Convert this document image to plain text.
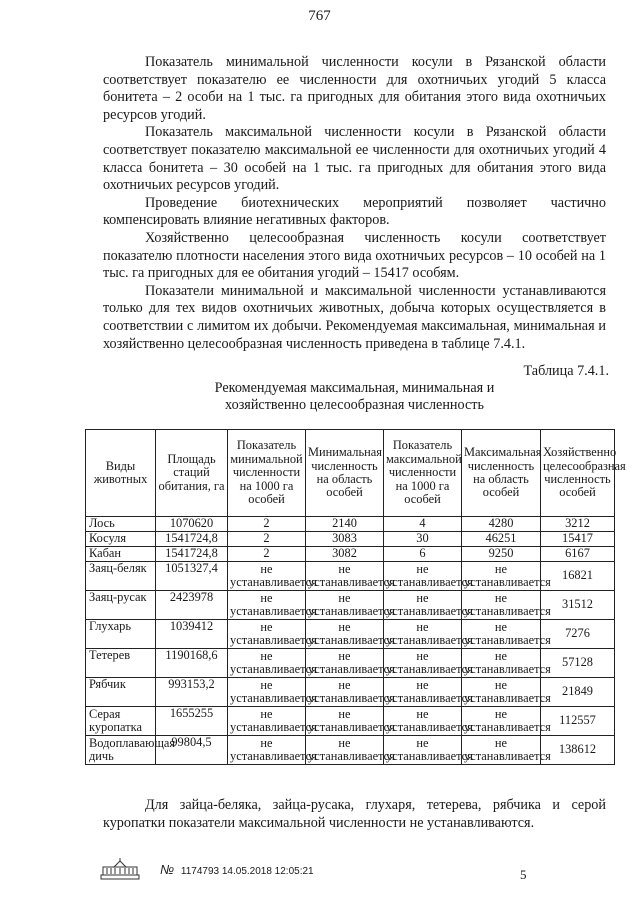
767

Показатель минимальной численности косули в Рязанской области соответствует показателю ее численности для охотничьих угодий 5 класса бонитета – 2 особи на 1 тыс. га пригодных для обитания этого вида охотничьих ресурсов угодий.

Показатель максимальной численности косули в Рязанской области соответствует показателю максимальной ее численности для охотничьих угодий 4 класса бонитета – 30 особей на 1 тыс. га пригодных для обитания этого вида охотничьих ресурсов угодий.

Проведение биотехнических мероприятий позволяет частично компенсировать влияние негативных факторов.

Хозяйственно целесообразная численность косули соответствует показателю плотности населения этого вида охотничьих ресурсов – 10 особей на 1 тыс. га пригодных для ее обитания угодий – 15417 особям.

Показатели минимальной и максимальной численности устанавливаются только для тех видов охотничьих животных, добыча которых осуществляется в соответствии с лимитом их добычи. Рекомендуемая максимальная, минимальная и хозяйственно целесообразная численность приведена в таблице 7.4.1.

Таблица 7.4.1.
Рекомендуемая максимальная, минимальная и
хозяйственно целесообразная численность
Виды животных	Площадь стаций обитания, га	Показатель минимальной численности на 1000 га особей	Минимальная численность на область особей	Показатель максимальной численности на 1000 га особей	Максимальная численность на область особей	Хозяйственно целесообразная численность особей
Лось	1070620	2	2140	4	4280	3212
Косуля	1541724,8	2	3083	30	46251	15417
Кабан	1541724,8	2	3082	6	9250	6167
Заяц-беляк	1051327,4	не устанавливается	не устанавливается	не устанавливается	не устанавливается	16821
Заяц-русак	2423978	не устанавливается	не устанавливается	не устанавливается	не устанавливается	31512
Глухарь	1039412	не устанавливается	не устанавливается	не устанавливается	не устанавливается	7276
Тетерев	1190168,6	не устанавливается	не устанавливается	не устанавливается	не устанавливается	57128
Рябчик	993153,2	не устанавливается	не устанавливается	не устанавливается	не устанавливается	21849
Серая куропатка	1655255	не устанавливается	не устанавливается	не устанавливается	не устанавливается	112557
Водоплавающая дичь	99804,5	не устанавливается	не устанавливается	не устанавливается	не устанавливается	138612

Для зайца-беляка, зайца-русака, глухаря, тетерева, рябчика и серой куропатки показатели максимальной численности не устанавливаются.

№ 1174793 14.05.2018 12:05:21	5
